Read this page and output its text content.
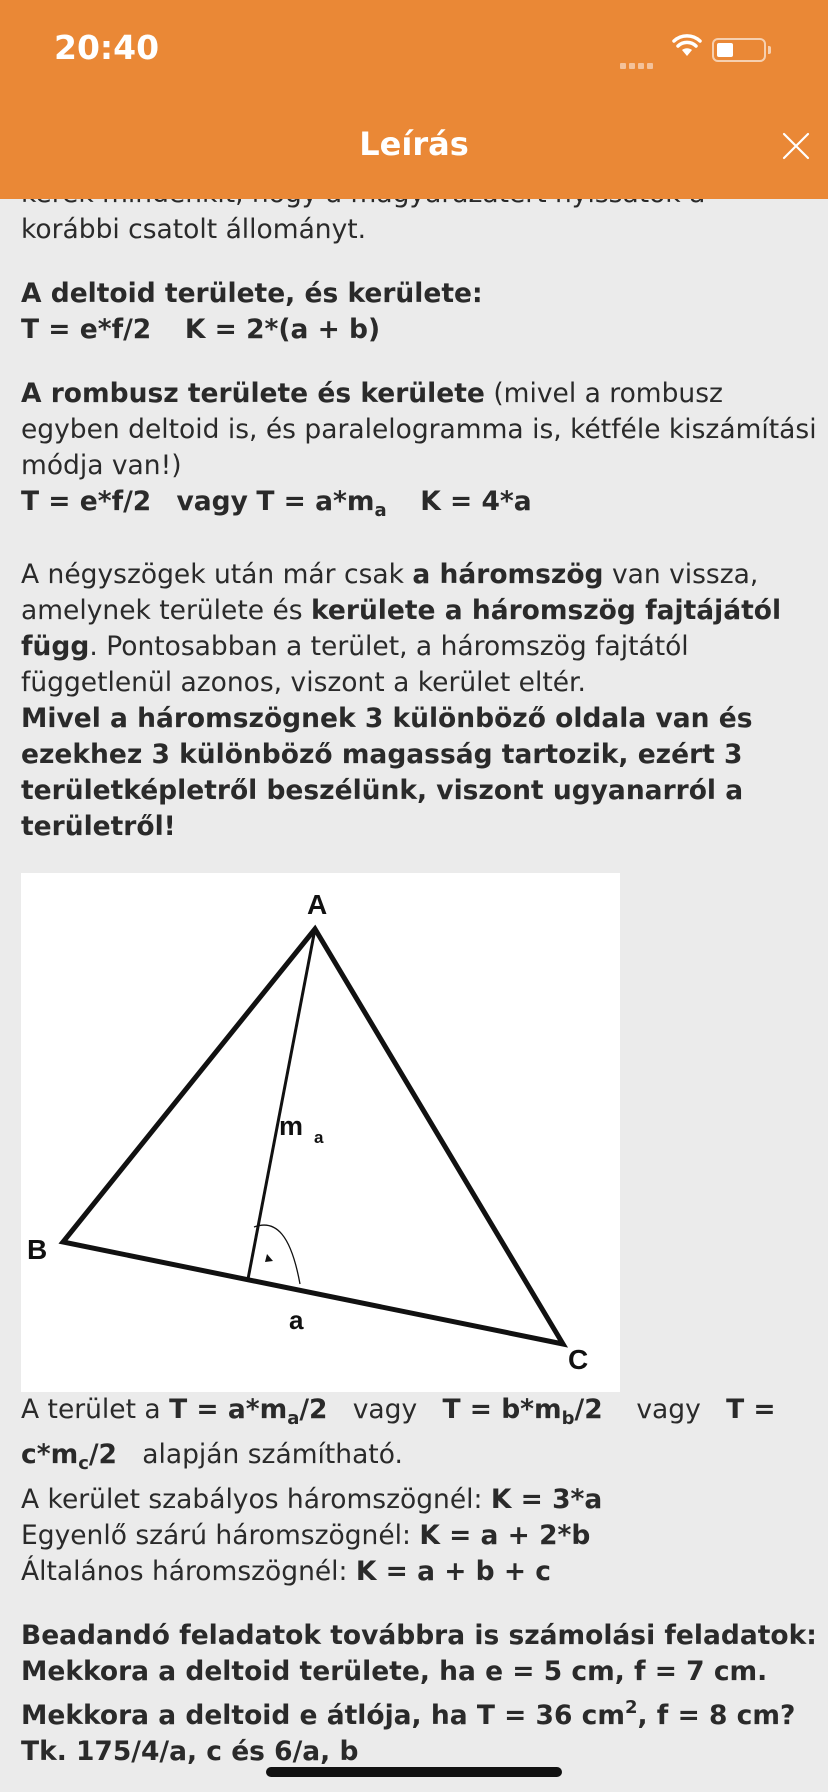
20:40
Leírás

korábbi csatolt állományt.

A deltoid területe, és kerülete:
T = e*f/2 K = 2*(a + b)

A rombusz területe és kerülete (mivel a rombusz egyben deltoid is, és paralelogramma is, kétféle kiszámítási módja van!)
T = e*f/2 vagy $T = a*m_a$ K = 4*a

A négyszögek után már csak a háromszög van vissza, amelynek területe és kerülete a háromszög fajtájától függ. Pontosabban a terület, a háromszög fajtától függetlenül azonos, viszont a kerület eltér.

Mivel a háromszögnek 3 különböző oldala van és ezekhez 3 különböző magasság tartozik, ezért 3 területképletről beszélünk, viszont ugyanarról a területről!

A
B
C
m a
a

A terület a $T = a*m_a/2$ vagy $T = b*m_b/2$ vagy $T = c*m_c/2$ alapján számítható.
A kerület szabályos háromszögnél: K = 3*a
Egyenlő szárú háromszögnél: K = a + 2*b
Általános háromszögnél: K = a + b + c

Beadandó feladatok továbbra is számolási feladatok:
Mekkora a deltoid területe, ha e = 5 cm, f = 7 cm.
Mekkora a deltoid e átlója, ha T = 36 $cm^2$, f = 8 cm?
Tk. 175/4/a, c és 6/a, b
